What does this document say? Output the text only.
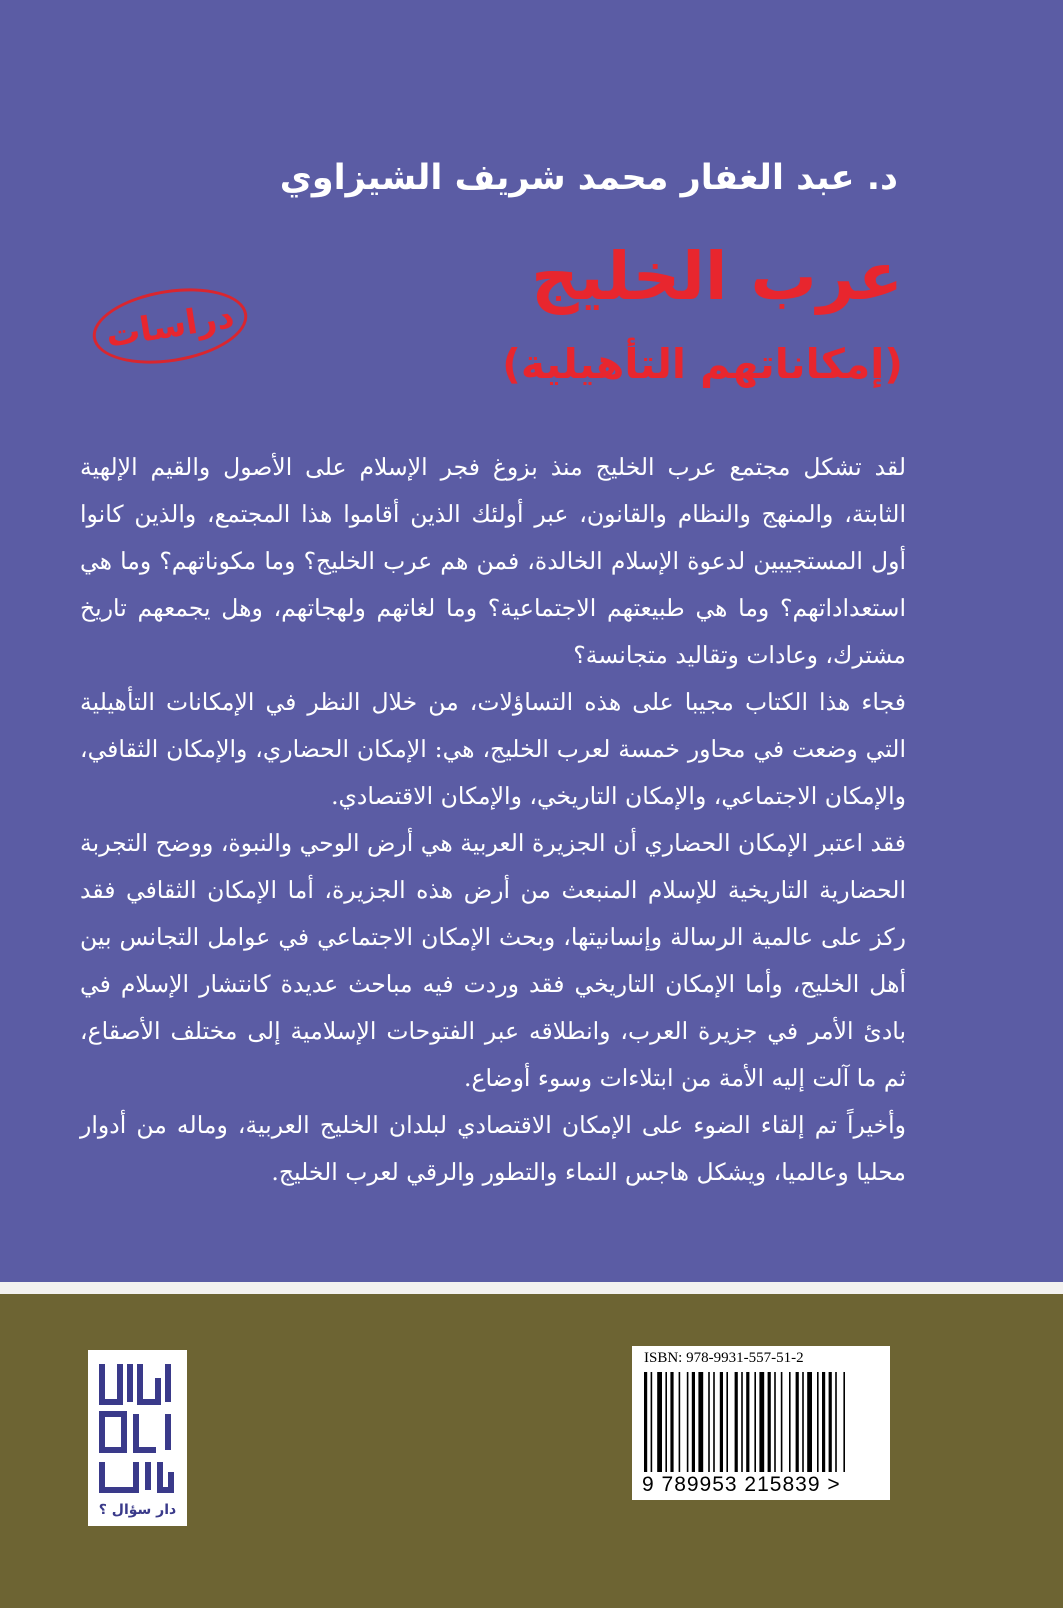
د. عبد الغفار محمد شريف الشيزاوي
عرب الخليج
(إمكاناتهم التأهيلية)
دراسات

لقد تشكل مجتمع عرب الخليج منذ بزوغ فجر الإسلام على الأصول والقيم الإلهية الثابتة، والمنهج والنظام والقانون، عبر أولئك الذين أقاموا هذا المجتمع، والذين كانوا أول المستجيبين لدعوة الإسلام الخالدة، فمن هم عرب الخليج؟ وما مكوناتهم؟ وما هي استعداداتهم؟ وما هي طبيعتهم الاجتماعية؟ وما لغاتهم ولهجاتهم، وهل يجمعهم تاريخ مشترك، وعادات وتقاليد متجانسة؟

فجاء هذا الكتاب مجيبا على هذه التساؤلات، من خلال النظر في الإمكانات التأهيلية التي وضعت في محاور خمسة لعرب الخليج، هي: الإمكان الحضاري، والإمكان الثقافي، والإمكان الاجتماعي، والإمكان التاريخي، والإمكان الاقتصادي.

فقد اعتبر الإمكان الحضاري أن الجزيرة العربية هي أرض الوحي والنبوة، ووضح التجربة الحضارية التاريخية للإسلام المنبعث من أرض هذه الجزيرة، أما الإمكان الثقافي فقد ركز على عالمية الرسالة وإنسانيتها، وبحث الإمكان الاجتماعي في عوامل التجانس بين أهل الخليج، وأما الإمكان التاريخي فقد وردت فيه مباحث عديدة كانتشار الإسلام في بادئ الأمر في جزيرة العرب، وانطلاقه عبر الفتوحات الإسلامية إلى مختلف الأصقاع، ثم ما آلت إليه الأمة من ابتلاءات وسوء أوضاع.

وأخيراً تم إلقاء الضوء على الإمكان الاقتصادي لبلدان الخليج العربية، وماله من أدوار محليا وعالميا، ويشكل هاجس النماء والتطور والرقي لعرب الخليج.

دار سؤال ؟
ISBN: 978-9931-557-51-2
9 789953 215839 >
